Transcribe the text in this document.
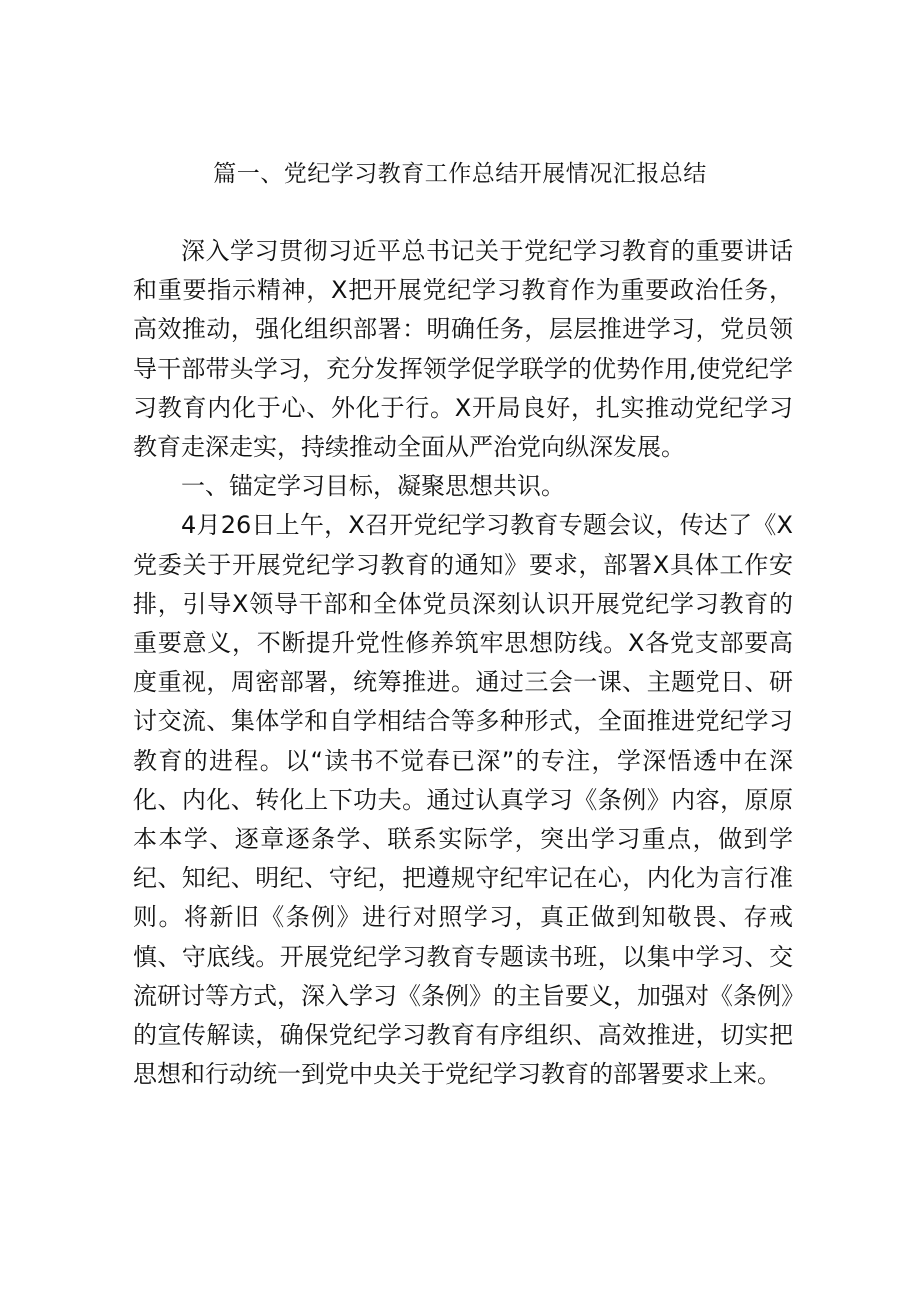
篇一、党纪学习教育工作总结开展情况汇报总结

深入学习贯彻习近平总书记关于党纪学习教育的重要讲话和重要指示精神，X把开展党纪学习教育作为重要政治任务，高效推动，强化组织部署：明确任务，层层推进学习，党员领导干部带头学习，充分发挥领学促学联学的优势作用,使党纪学习教育内化于心、外化于行。X开局良好，扎实推动党纪学习教育走深走实，持续推动全面从严治党向纵深发展。

一、锚定学习目标，凝聚思想共识。

4月26日上午，X召开党纪学习教育专题会议，传达了《X党委关于开展党纪学习教育的通知》要求，部署X具体工作安排，引导X领导干部和全体党员深刻认识开展党纪学习教育的重要意义，不断提升党性修养筑牢思想防线。X各党支部要高度重视，周密部署，统筹推进。通过三会一课、主题党日、研讨交流、集体学和自学相结合等多种形式，全面推进党纪学习教育的进程。以“读书不觉春已深”的专注，学深悟透中在深化、内化、转化上下功夫。通过认真学习《条例》内容，原原本本学、逐章逐条学、联系实际学，突出学习重点，做到学纪、知纪、明纪、守纪，把遵规守纪牢记在心，内化为言行准则。将新旧《条例》进行对照学习，真正做到知敬畏、存戒慎、守底线。开展党纪学习教育专题读书班，以集中学习、交流研讨等方式，深入学习《条例》的主旨要义，加强对《条例》的宣传解读，确保党纪学习教育有序组织、高效推进，切实把思想和行动统一到党中央关于党纪学习教育的部署要求上来。
